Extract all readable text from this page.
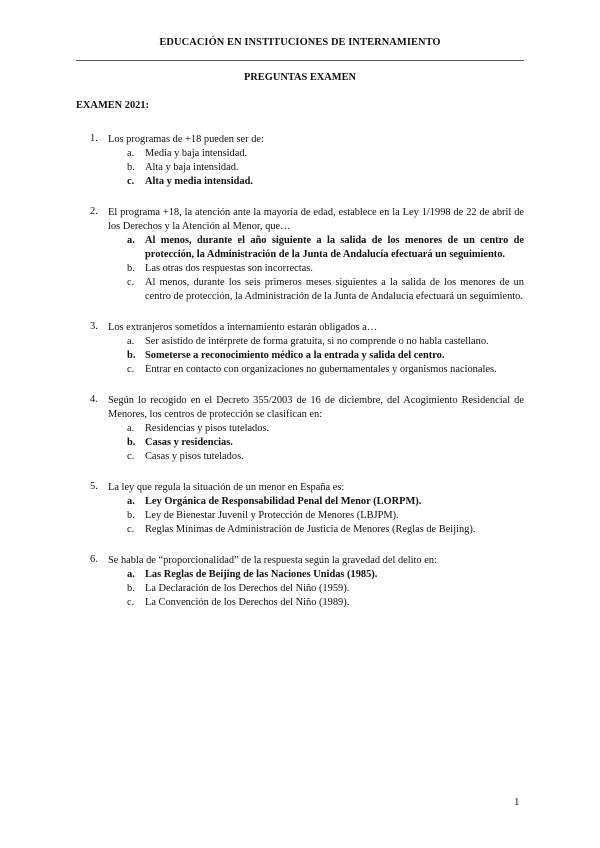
EDUCACIÓN EN INSTITUCIONES DE INTERNAMIENTO
PREGUNTAS EXAMEN
EXAMEN 2021:
1. Los programas de +18 pueden ser de:
a.	Media y baja intensidad.
b. Alta y baja intensidad.
c.	Alta y media intensidad.
2. El programa +18, la atención ante la mayoría de edad, establece en la Ley 1/1998 de 22 de abril de los Derechos y la Atención al Menor, que…
a. Al menos, durante el año siguiente a la salida de los menores de un centro de protección, la Administración de la Junta de Andalucía efectuará un seguimiento.
b. Las otras dos respuestas son incorrectas.
c.	Al menos, durante los seis primeros meses siguientes a la salida de los menores de un centro de protección, la Administración de la Junta de Andalucía efectuará un seguimiento.
3. Los extranjeros sometidos a internamiento estarán obligados a…
a.	Ser asistido de intérprete de forma gratuita, si no comprende o no habla castellano.
b. Someterse a reconocimiento médico a la entrada y salida del centro.
c.	Entrar en contacto con organizaciones no gubernamentales y organismos nacionales.
4. Según lo recogido en el Decreto 355/2003 de 16 de diciembre, del Acogimiento Residencial de Menores, los centros de protección se clasifican en:
a.	Residencias y pisos tutelados.
b. Casas y residencias.
c.	Casas y pisos tutelados.
5. La ley que regula la situación de un menor en España es:
a. Ley Orgánica de Responsabilidad Penal del Menor (LORPM).
b. Ley de Bienestar Juvenil y Protección de Menores (LBJPM).
c.	Reglas Mínimas de Administración de Justicia de Menores (Reglas de Beijing).
6. Se habla de “proporcionalidad” de la respuesta según la gravedad del delito en:
a. Las Reglas de Beijing de las Naciones Unidas (1985).
b. La Declaración de los Derechos del Niño (1959).
c.	La Convención de los Derechos del Niño (1989).
1
